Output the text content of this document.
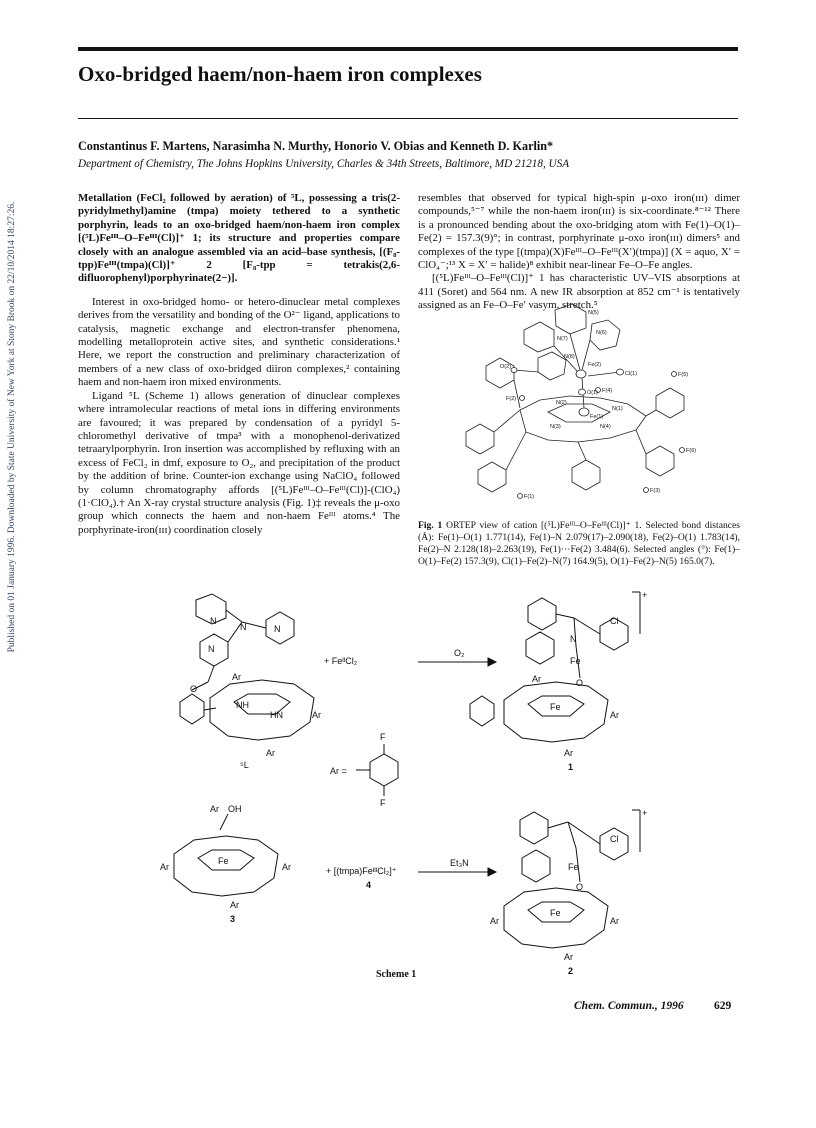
Published on 01 January 1996. Downloaded by State University of New York at Stony Brook on 22/10/2014 18:27:26.
Oxo-bridged haem/non-haem iron complexes

Constantinus F. Martens, Narasimha N. Murthy, Honorio V. Obias and Kenneth D. Karlin*

Department of Chemistry, The Johns Hopkins University, Charles & 34th Streets, Baltimore, MD 21218, USA

Metallation (FeCl₂ followed by aeration) of ⁵L, possessing a tris(2-pyridylmethyl)amine (tmpa) moiety tethered to a synthetic porphyrin, leads to an oxo-bridged haem/non-haem iron complex [(⁵L)Feᴵᴵᴵ–O–Feᴵᴵᴵ(Cl)]⁺ 1; its structure and properties compare closely with an analogue assembled via an acid–base synthesis, [(F₈-tpp)Feᴵᴵᴵ(tmpa)(Cl)]⁺ 2 [F₈-tpp = tetrakis(2,6-difluorophenyl)porphyrinate(2−)].

Interest in oxo-bridged homo- or hetero-dinuclear metal complexes derives from the versatility and bonding of the O²⁻ ligand, applications to catalysis, magnetic exchange and electron-transfer phenomena, modelling metalloprotein active sites, and synthetic considerations.¹ Here, we report the construction and preliminary characterization of members of a new class of oxo-bridged diiron complexes,² containing haem and non-haem iron mixed environments.

Ligand ⁵L (Scheme 1) allows generation of dinuclear complexes where intramolecular reactions of metal ions in differing environments are favoured; it was prepared by condensation of a pyridyl 5-chloromethyl derivative of tmpa³ with a monophenol-derivatized tetraarylporphyrin. Iron insertion was accomplished by refluxing with an excess of FeCl₂ in dmf, exposure to O₂, and precipitation of the product by the addition of brine. Counter-ion exchange using NaClO₄ followed by column chromatography affords [(⁵L)Feᴵᴵᴵ–O–Feᴵᴵᴵ(Cl)]-(ClO₄) (1·ClO₄).† An X-ray crystal structure analysis (Fig. 1)‡ reveals the μ-oxo group which connects the haem and non-haem Feᴵᴵᴵ atoms.⁴ The porphyrinate-iron(ɪɪɪ) coordination closely

resembles that observed for typical high-spin μ-oxo iron(ɪɪɪ) dimer compounds,⁵⁻⁷ while the non-haem iron(ɪɪɪ) is six-coordinate.⁸⁻¹² There is a pronounced bending about the oxo-bridging atom with Fe(1)–O(1)–Fe(2) = 157.3(9)°; in contrast, porphyrinate μ-oxo iron(ɪɪɪ) dimers⁵ and complexes of the type [(tmpa)(X)Feᴵᴵᴵ–O–Feᴵᴵᴵ(X′)(tmpa)] (X = aquo, X′ = ClO₄⁻;¹³ X = X′ = halide)⁸ exhibit near-linear Fe–O–Fe angles.

[(⁵L)Feᴵᴵᴵ–O–Feᴵᴵᴵ(Cl)]⁺ 1 has characteristic UV–VIS absorptions at 411 (Soret) and 564 nm. A new IR absorption at 852 cm⁻¹ is tentatively assigned as an Fe–O–Fe′ νasym. stretch.⁵

N(5)
N(7)
N(6)
N(8)
Fe(2)
O(2)
Cl(1)	F(5)
O(1) F(4)
F(2)
N(2)
N(1)
Fe(1)
N(3)	N(4)
F(6)
F(1)
F(3)

Fig. 1 ORTEP view of cation [(⁵L)Feᴵᴵᴵ–O–Feᴵᴵᴵ(Cl)]⁺ 1. Selected bond distances (Å): Fe(1)–O(1) 1.771(14), Fe(1)–N 2.079(17)–2.090(18), Fe(2)–O(1) 1.783(14), Fe(2)–N 2.128(18)–2.263(19), Fe(1)···Fe(2) 3.484(6). Selected angles (°): Fe(1)–O(1)–Fe(2) 157.3(9), Cl(1)–Fe(2)–N(7) 164.9(5), O(1)–Fe(2)–N(5) 165.0(7).

N
N
N
N
O
Ar
NH
HN	Ar
Ar
⁵L
+ FeᴵᴵCl₂
O₂
F
F
Ar =
N
Cl
Fe
O
Fe
Ar
Ar
Ar
1
+
Ar OH
Fe
Ar	Ar
Ar
3
+ [(tmpa)FeᴵᴵᴵCl₂]⁺
4
Et₃N
Cl
Fe
O
Fe
Ar	Ar
Ar
2
+
Scheme 1
Chem. Commun., 1996	629
